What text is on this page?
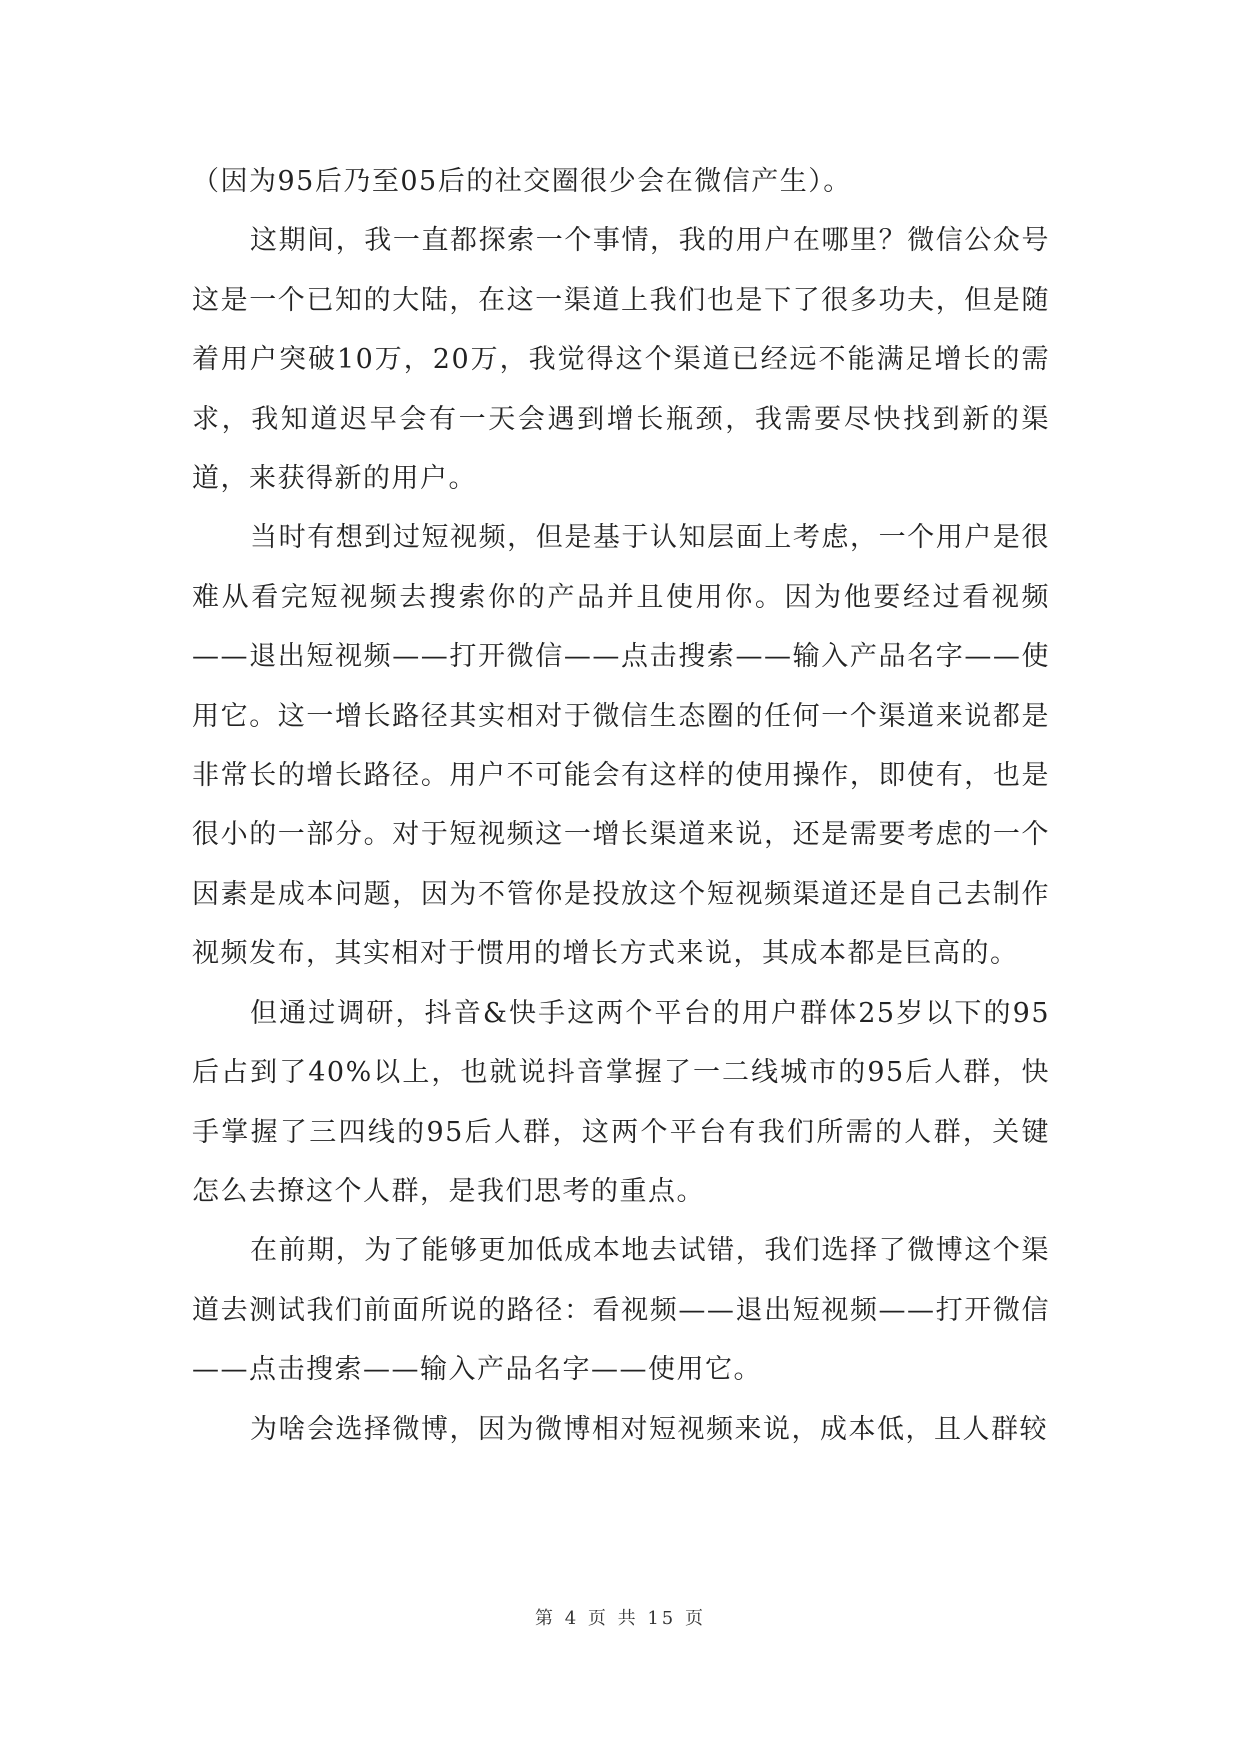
（因为95后乃至05后的社交圈很少会在微信产生）。

这期间，我一直都探索一个事情，我的用户在哪里？微信公众号这是一个已知的大陆，在这一渠道上我们也是下了很多功夫，但是随着用户突破10万，20万，我觉得这个渠道已经远不能满足增长的需求，我知道迟早会有一天会遇到增长瓶颈，我需要尽快找到新的渠道，来获得新的用户。

当时有想到过短视频，但是基于认知层面上考虑，一个用户是很难从看完短视频去搜索你的产品并且使用你。因为他要经过看视频——退出短视频——打开微信——点击搜索——输入产品名字——使用它。这一增长路径其实相对于微信生态圈的任何一个渠道来说都是非常长的增长路径。用户不可能会有这样的使用操作，即使有，也是很小的一部分。对于短视频这一增长渠道来说，还是需要考虑的一个因素是成本问题，因为不管你是投放这个短视频渠道还是自己去制作视频发布，其实相对于惯用的增长方式来说，其成本都是巨高的。

但通过调研，抖音&快手这两个平台的用户群体25岁以下的95后占到了40%以上，也就说抖音掌握了一二线城市的95后人群，快手掌握了三四线的95后人群，这两个平台有我们所需的人群，关键怎么去撩这个人群，是我们思考的重点。

在前期，为了能够更加低成本地去试错，我们选择了微博这个渠道去测试我们前面所说的路径：看视频——退出短视频——打开微信——点击搜索——输入产品名字——使用它。

为啥会选择微博，因为微博相对短视频来说，成本低，且人群较

第 4 页 共 15 页
